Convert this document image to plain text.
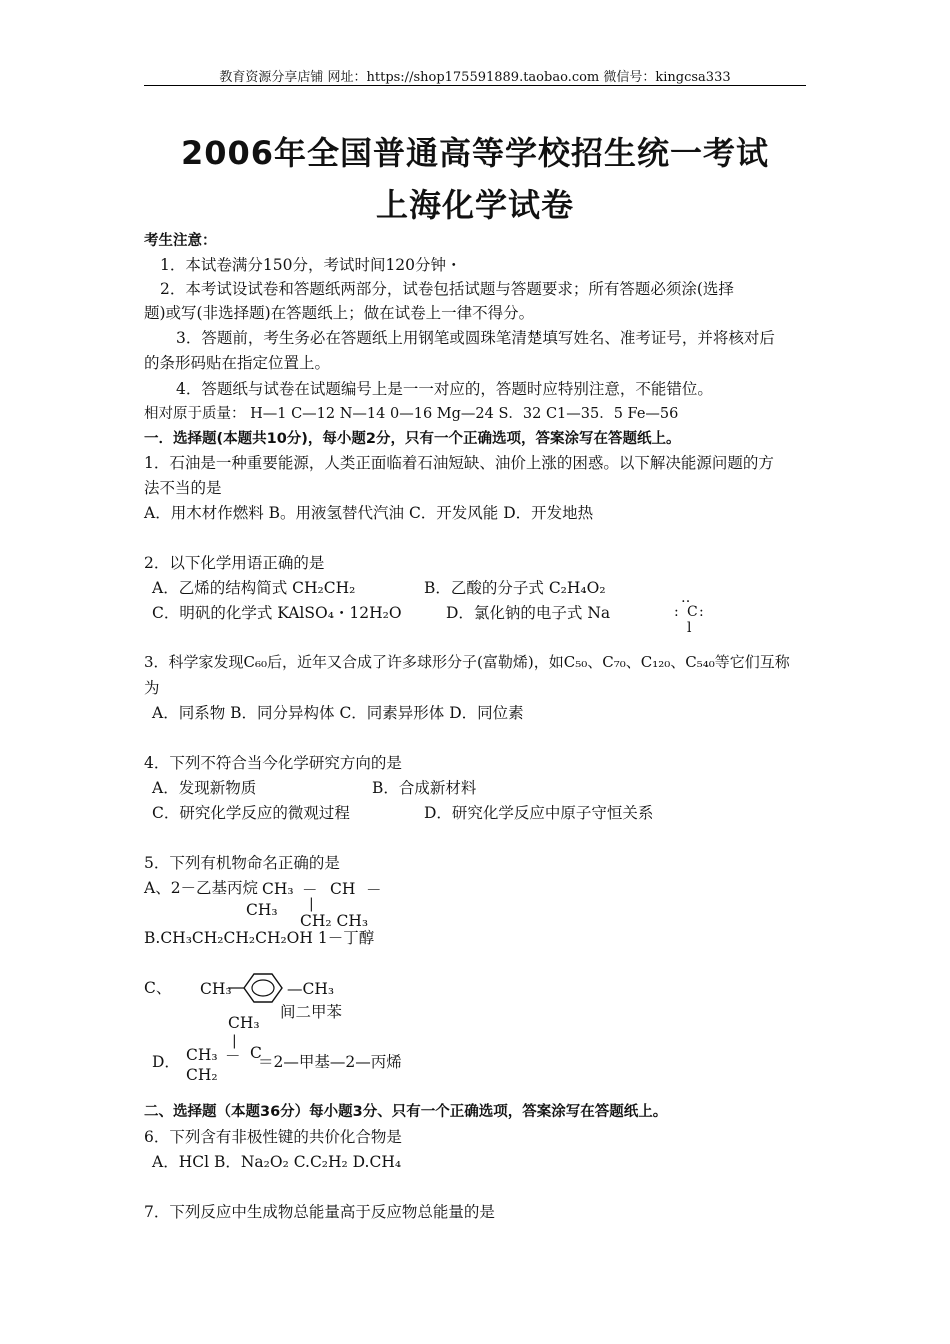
教育资源分享店铺 网址：https://shop175591889.taobao.com 微信号：kingcsa333
2006年全国普通高等学校招生统一考试
上海化学试卷
考生注意：
1．本试卷满分150分，考试时间120分钟・
2．本考试设试卷和答题纸两部分，试卷包括试题与答题要求；所有答题必须涂(选择
题)或写(非选择题)在答题纸上；做在试卷上一律不得分。
3．答题前，考生务必在答题纸上用钢笔或圆珠笔清楚填写姓名、准考证号，并将核对后
的条形码贴在指定位置上。
4．答题纸与试卷在试题编号上是一一对应的，答题时应特别注意，不能错位。
相对原于质量： H—1 C—12 N—14 0—16 Mg—24 S．32 C1—35．5 Fe—56
一．选择题(本题共10分)，每小题2分，只有一个正确选项，答案涂写在答题纸上。
1．石油是一种重要能源，人类正面临着石油短缺、油价上涨的困惑。以下解决能源问题的方
法不当的是
A．用木材作燃料 B。用液氢替代汽油 C．开发风能 D．开发地热
2．以下化学用语正确的是
A．乙烯的结构简式 CH₂CH₂	B．乙酸的分子式 C₂H₄O₂
C．明矾的化学式 KAlSO₄・12H₂O	D．氯化钠的电子式 Na
‥
: C :
l
3．科学家发现C₆₀后，近年又合成了许多球形分子(富勒烯)，如C₅₀、C₇₀、C₁₂₀、C₅₄₀等它们互称
为
A．同系物 B．同分异构体 C．同素异形体 D．同位素
4．下列不符合当今化学研究方向的是
A．发现新物质	B．合成新材料
C．研究化学反应的微观过程	D．研究化学反应中原子守恒关系
5．下列有机物命名正确的是
A、2－乙基丙烷 CH₃ － CH －
CH₃ |
CH₂ CH₃
B.CH₃CH₂CH₂CH₂OH 1－丁醇
C、 CH₃	—CH₃
间二甲苯
CH₃
|
D． CH₃ － C
＝2—甲基—2—丙烯
CH₂
二、选择题（本题36分）每小题3分、只有一个正确选项，答案涂写在答题纸上。
6．下列含有非极性键的共价化合物是
A．HCl B．Na₂O₂ C.C₂H₂ D.CH₄
7．下列反应中生成物总能量高于反应物总能量的是
